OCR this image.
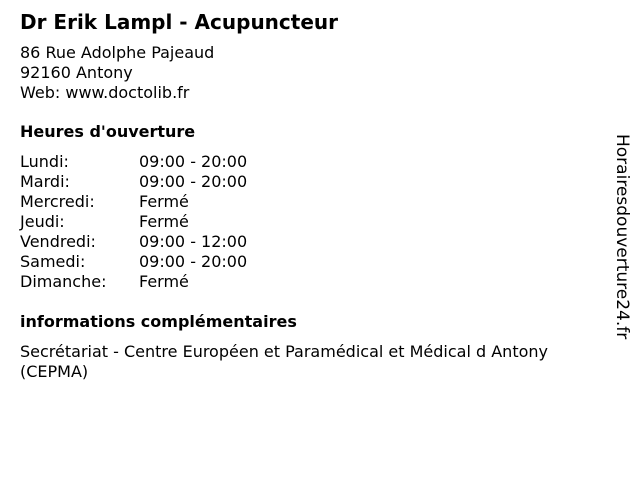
Dr Erik Lampl - Acupuncteur
86 Rue Adolphe Pajeaud
92160 Antony
Web: www.doctolib.fr
Heures d'ouverture
Lundi:	09:00 - 20:00
Mardi:	09:00 - 20:00
Mercredi:	Fermé
Jeudi:	Fermé
Vendredi:	09:00 - 12:00
Samedi:	09:00 - 20:00
Dimanche:	Fermé
informations complémentaires
Secrétariat - Centre Européen et Paramédical et Médical d Antony (CEPMA)
Horairesdouverture24.fr
